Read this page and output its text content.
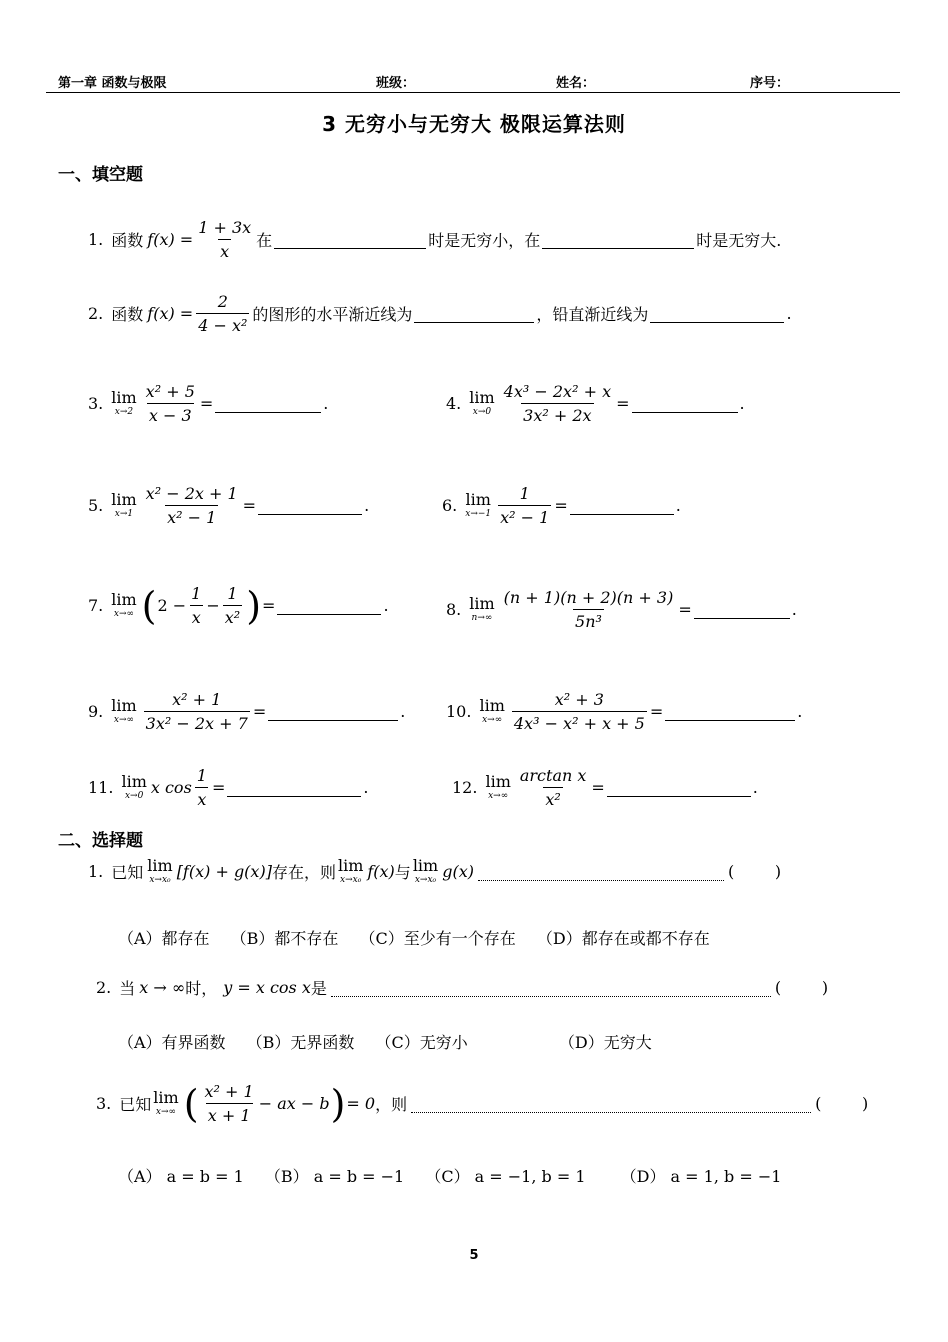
第一章 函数与极限	班级：	姓名：	序号：
3 无穷小与无穷大 极限运算法则
一、填空题
1. 函数 $f(x) = \frac{1 + 3x}{x}$ 在	时是无穷小，在	时是无穷大.
2. 函数 $f(x) = \frac{2}{\text{4 − x²}}$ 的图形的水平渐近线为	，铅直渐近线为	.
3. lim
$x\to 2 \frac{\text{x² + 5}}{x - 3}$ =	.	4. lim
$x\to 0 \frac{\text{4x³ − 2x² + x}}{\text{3x² + 2x}}$ =	.
5. lim
$x\to 1 \frac{\text{x² − 2x + 1}}{\text{x² − 1}}$ =	.	6. lim
$x\to-1 \frac{1}{\text{x² − 1}}$ =	.
7. lim
x→∞ ( $2 - \frac{1}{x} - \frac{1}{\text{x²}}$ ) =	.	8. lim
$n\to\infty \frac{(n + 1)(n + 2)(n + 3)}{\text{5n³}}$ =	.
9. lim
$x\to\infty \frac{\text{x² + 1}}{\text{3x² − 2x + 7}}$ =	.	10. lim
$x\to\infty \frac{\text{x² + 3}}{\text{4x³ − x² + x + 5}}$ =	.
11. lim
x→0 x $\cos \frac{1}{x}$ =	.	12. lim
$x\to\infty \frac{\text{arctan x}}{\text{x²}}$ =	.
二、选择题
1. 已知 lim
x→x₀ [f(x) + g(x)] 存在，则 lim
x→x₀ f(x) 与 lim
x→x₀ g(x)	(        )
（A）都存在 （B）都不存在 （C）至少有一个存在 （D）都存在或都不存在
2. 当 x → ∞ 时， y = x cos x 是	(        )
（A）有界函数 （B）无界函数 （C）无穷小	（D）无穷大
3. 已知 lim
x→∞ ( $\frac{\text{x² + 1}}{x + 1}$ − ax − b ) = 0 ，则	(        )
（A） a = b = 1 （B） a = b = −1 （C） a = −1, b = 1 （D） a = 1, b = −1
5
